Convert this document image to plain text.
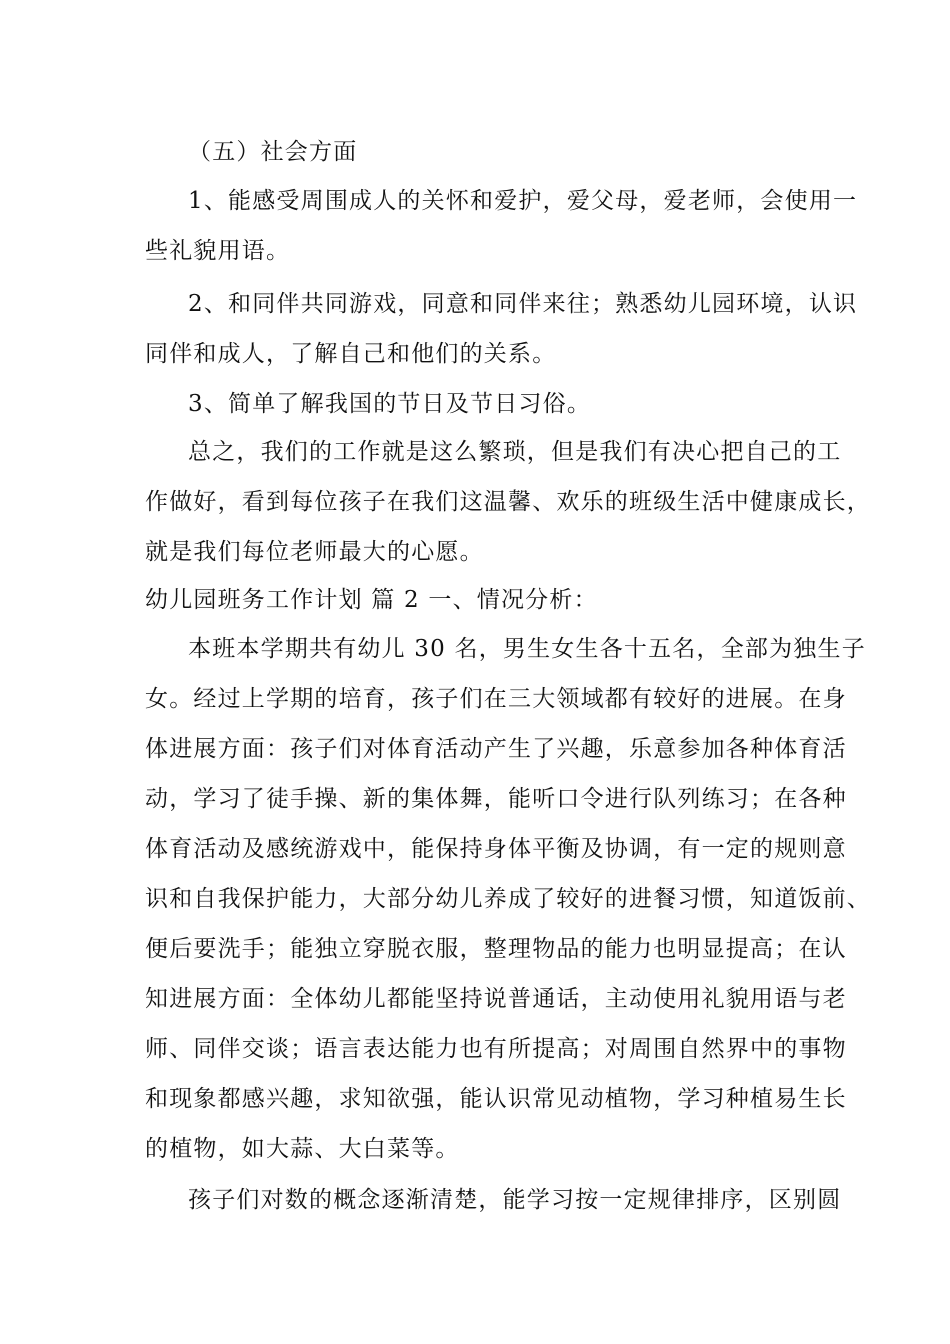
（五）社会方面
1、能感受周围成人的关怀和爱护，爱父母，爱老师，会使用一
些礼貌用语。
2、和同伴共同游戏，同意和同伴来往；熟悉幼儿园环境，认识
同伴和成人，了解自己和他们的关系。
3、简单了解我国的节日及节日习俗。
总之，我们的工作就是这么繁琐，但是我们有决心把自己的工
作做好，看到每位孩子在我们这温馨、欢乐的班级生活中健康成长，
就是我们每位老师最大的心愿。
幼儿园班务工作计划 篇 2 一、情况分析：
本班本学期共有幼儿 30 名，男生女生各十五名，全部为独生子
女。经过上学期的培育，孩子们在三大领域都有较好的进展。在身
体进展方面：孩子们对体育活动产生了兴趣，乐意参加各种体育活
动，学习了徒手操、新的集体舞，能听口令进行队列练习；在各种
体育活动及感统游戏中，能保持身体平衡及协调，有一定的规则意
识和自我保护能力，大部分幼儿养成了较好的进餐习惯，知道饭前、
便后要洗手；能独立穿脱衣服，整理物品的能力也明显提高；在认
知进展方面：全体幼儿都能坚持说普通话，主动使用礼貌用语与老
师、同伴交谈；语言表达能力也有所提高；对周围自然界中的事物
和现象都感兴趣，求知欲强，能认识常见动植物，学习种植易生长
的植物，如大蒜、大白菜等。
孩子们对数的概念逐渐清楚，能学习按一定规律排序，区别圆
